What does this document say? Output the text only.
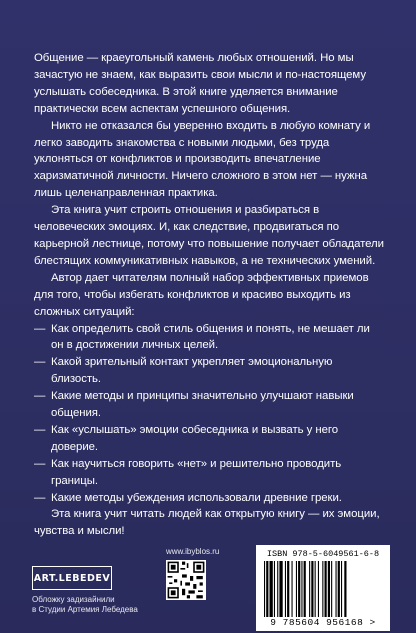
Общение — краеугольный камень любых отношений. Но мы зачастую не знаем, как выразить свои мысли и по-настоящему услышать собеседника. В этой книге уделяется внимание практически всем аспектам успешного общения.

Никто не отказался бы уверенно входить в любую комнату и легко заводить знакомства с новыми людьми, без труда уклоняться от конфликтов и производить впечатление харизматичной личности. Ничего сложного в этом нет — нужна лишь целенаправленная практика.

Эта книга учит строить отношения и разбираться в человеческих эмоциях. И, как следствие, продвигаться по карьерной лестнице, потому что повышение получает обладатели блестящих коммуникативных навыков, а не технических умений.

Автор дает читателям полный набор эффективных приемов для того, чтобы избегать конфликтов и красиво выходить из сложных ситуаций:

— Как определить свой стиль общения и понять, не мешает ли он в достижении личных целей.
— Какой зрительный контакт укрепляет эмоциональную близость.
— Какие методы и принципы значительно улучшают навыки общения.
— Как «услышать» эмоции собеседника и вызвать у него доверие.
— Как научиться говорить «нет» и решительно проводить границы.
— Какие методы убеждения использовали древние греки.

Эта книга учит читать людей как открытую книгу — их эмоции, чувства и мысли!

ART.LEBEDEV
Обложку задизайнили
в Студии Артемия Лебедева
www.ibyblos.ru	ISBN 978-5-6049561-6-8
9 785604 956168 >
